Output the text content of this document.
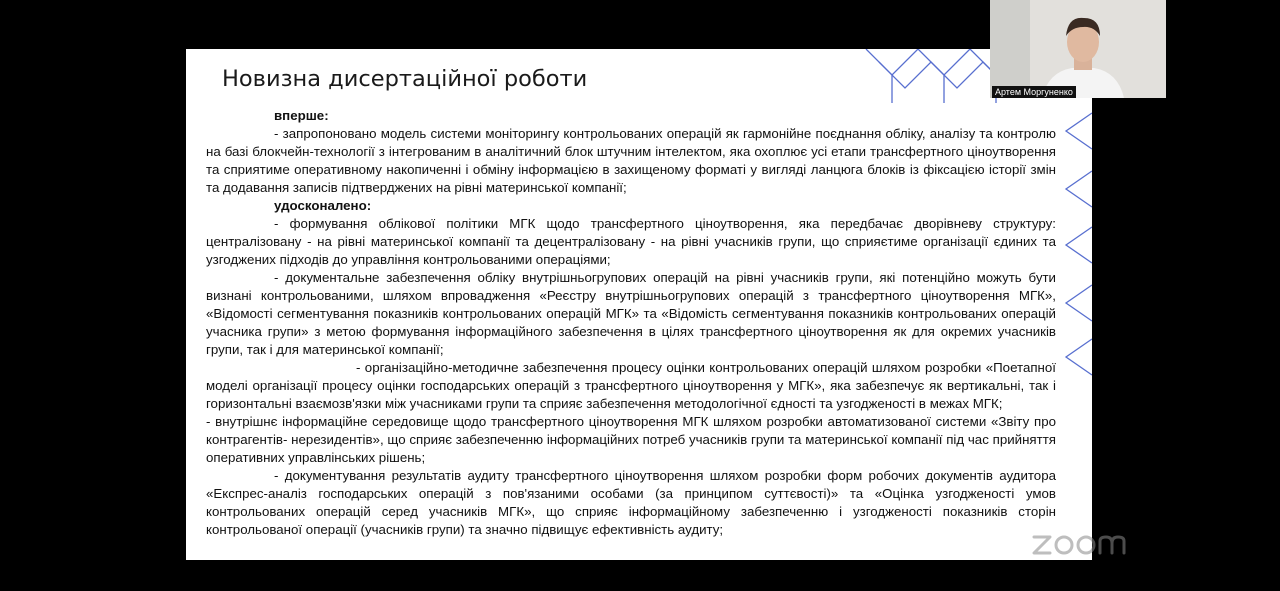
Новизна дисертаційної роботи

вперше:

- запропоновано модель системи моніторингу контрольованих операцій як гармонійне поєднання обліку, аналізу та контролю на базі блокчейн-технології з інтегрованим в аналітичний блок штучним інтелектом, яка охоплює усі етапи трансфертного ціноутворення та сприятиме оперативному накопиченні і обміну інформацією в захищеному форматі у вигляді ланцюга блоків із фіксацією історії змін та додавання записів підтверджених на рівні материнської компанії;

удосконалено:

- формування облікової політики МГК щодо трансфертного ціноутворення, яка передбачає дворівневу структуру: централізовану - на рівні материнської компанії та децентралізовану - на рівні учасників групи, що сприяєтиме організації єдиних та узгоджених підходів до управління контрольованими операціями;

- документальне забезпечення обліку внутрішньогрупових операцій на рівні учасників групи, які потенційно можуть бути визнані контрольованими, шляхом впровадження «Реєстру внутрішньогрупових операцій з трансфертного ціноутворення МГК», «Відомості сегментування показників контрольованих операцій МГК» та «Відомість сегментування показників контрольованих операцій учасника групи» з метою формування інформаційного забезпечення в цілях трансфертного ціноутворення як для окремих учасників групи, так і для материнської компанії;

- організаційно-методичне забезпечення процесу оцінки контрольованих операцій шляхом розробки «Поетапної моделі організації процесу оцінки господарських операцій з трансфертного ціноутворення у МГК», яка забезпечує як вертикальні, так і горизонтальні взаємозв'язки між учасниками групи та сприяє забезпечення методологічної єдності та узгодженості в межах МГК;

- внутрішнє інформаційне середовище щодо трансфертного ціноутворення МГК шляхом розробки автоматизованої системи «Звіту про контрагентів- нерезидентів», що сприяє забезпеченню інформаційних потреб учасників групи та материнської компанії під час прийняття оперативних управлінських рішень;

- документування результатів аудиту трансфертного ціноутворення шляхом розробки форм робочих документів аудитора «Експрес-аналіз господарських операцій з пов'язаними особами (за принципом суттєвості)» та «Оцінка узгодженості умов контрольованих операцій серед учасників МГК», що сприяє інформаційному забезпеченню і узгодженості показників сторін контрольованої операції (учасників групи) та значно підвищує ефективність аудиту;

Артем Моргуненко
